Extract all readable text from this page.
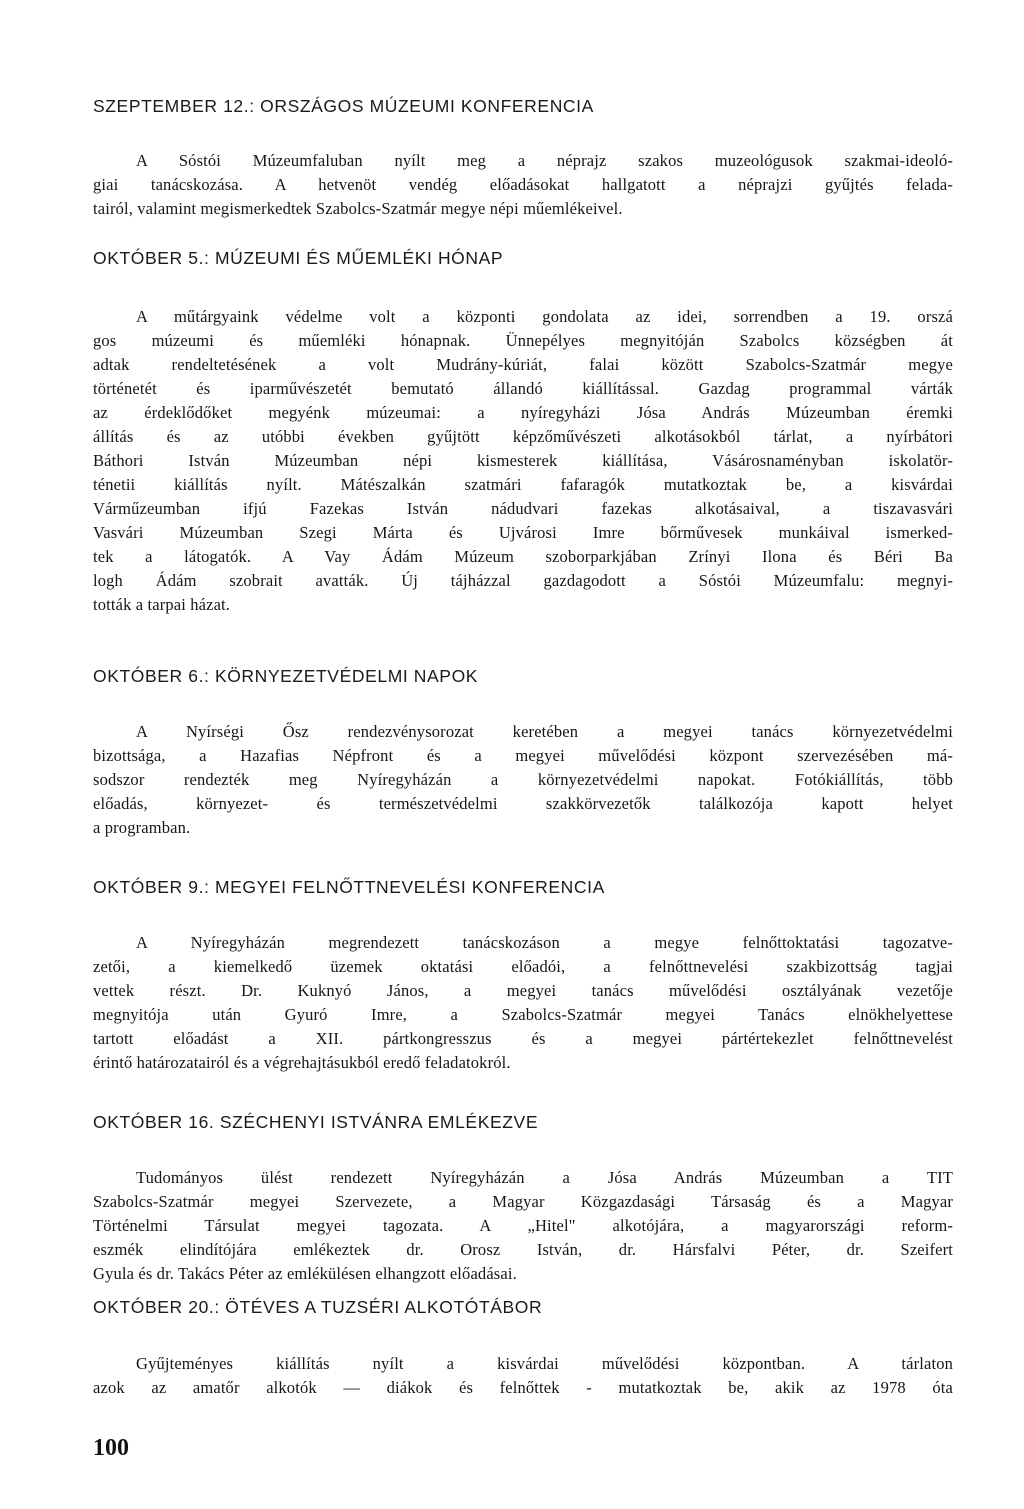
SZEPTEMBER 12.: ORSZÁGOS MÚZEUMI KONFERENCIA
A Sóstói Múzeumfaluban nyílt meg a néprajz szakos muzeológusok szakmai-ideoló-
giai tanácskozása. A hetvenöt vendég előadásokat hallgatott a néprajzi gyűjtés felada-
tairól, valamint megismerkedtek Szabolcs-Szatmár megye népi műemlékeivel.
OKTÓBER 5.: MÚZEUMI ÉS MŰEMLÉKI HÓNAP
A műtárgyaink védelme volt a központi gondolata az idei, sorrendben a 19. orszá
gos múzeumi és műemléki hónapnak. Ünnepélyes megnyitóján Szabolcs községben át
adtak rendeltetésének a volt Mudrány-kúriát, falai között Szabolcs-Szatmár megye
történetét és iparművészetét bemutató állandó kiállítással. Gazdag programmal várták
az érdeklődőket megyénk múzeumai: a nyíregyházi Jósa András Múzeumban éremki
állítás és az utóbbi években gyűjtött képzőművészeti alkotásokból tárlat, a nyírbátori
Báthori István Múzeumban népi kismesterek kiállítása, Vásárosnaményban iskolatör-
ténetii kiállítás nyílt. Mátészalkán szatmári fafaragók mutatkoztak be, a kisvárdai
Várműzeumban ifjú Fazekas István nádudvari fazekas alkotásaival, a tiszavasvári
Vasvári Múzeumban Szegi Márta és Ujvárosi Imre bőrművesek munkáival ismerked-
tek a látogatók. A Vay Ádám Múzeum szoborparkjában Zrínyi Ilona és Béri Ba
logh Ádám szobrait avatták. Új tájházzal gazdagodott a Sóstói Múzeumfalu: megnyi-
tották a tarpai házat.
OKTÓBER 6.: KÖRNYEZETVÉDELMI NAPOK
A Nyírségi Ősz rendezvénysorozat keretében a megyei tanács környezetvédelmi
bizottsága, a Hazafias Népfront és a megyei művelődési központ szervezésében má-
sodszor rendezték meg Nyíregyházán a környezetvédelmi napokat. Fotókiállítás, több
előadás, környezet- és természetvédelmi szakkörvezetők találkozója kapott helyet
a programban.
OKTÓBER 9.: MEGYEI FELNŐTTNEVELÉSI KONFERENCIA
A Nyíregyházán megrendezett tanácskozáson a megye felnőttoktatási tagozatve-
zetői, a kiemelkedő üzemek oktatási előadói, a felnőttnevelési szakbizottság tagjai
vettek részt. Dr. Kuknyó János, a megyei tanács művelődési osztályának vezetője
megnyitója után Gyuró Imre, a Szabolcs-Szatmár megyei Tanács elnökhelyettese
tartott előadást a XII. pártkongresszus és a megyei pártértekezlet felnőttnevelést
érintő határozatairól és a végrehajtásukból eredő feladatokról.
OKTÓBER 16. SZÉCHENYI ISTVÁNRA EMLÉKEZVE
Tudományos ülést rendezett Nyíregyházán a Jósa András Múzeumban a TIT
Szabolcs-Szatmár megyei Szervezete, a Magyar Közgazdasági Társaság és a Magyar
Történelmi Társulat megyei tagozata. A „Hitel" alkotójára, a magyarországi reform-
eszmék elindítójára emlékeztek dr. Orosz István, dr. Hársfalvi Péter, dr. Szeifert
Gyula és dr. Takács Péter az emlékülésen elhangzott előadásai.
OKTÓBER 20.: ÖTÉVES A TUZSÉRI ALKOTÓTÁBOR
Gyűjteményes kiállítás nyílt a kisvárdai művelődési központban. A tárlaton
azok az amatőr alkotók — diákok és felnőttek - mutatkoztak be, akik az 1978 óta
100
